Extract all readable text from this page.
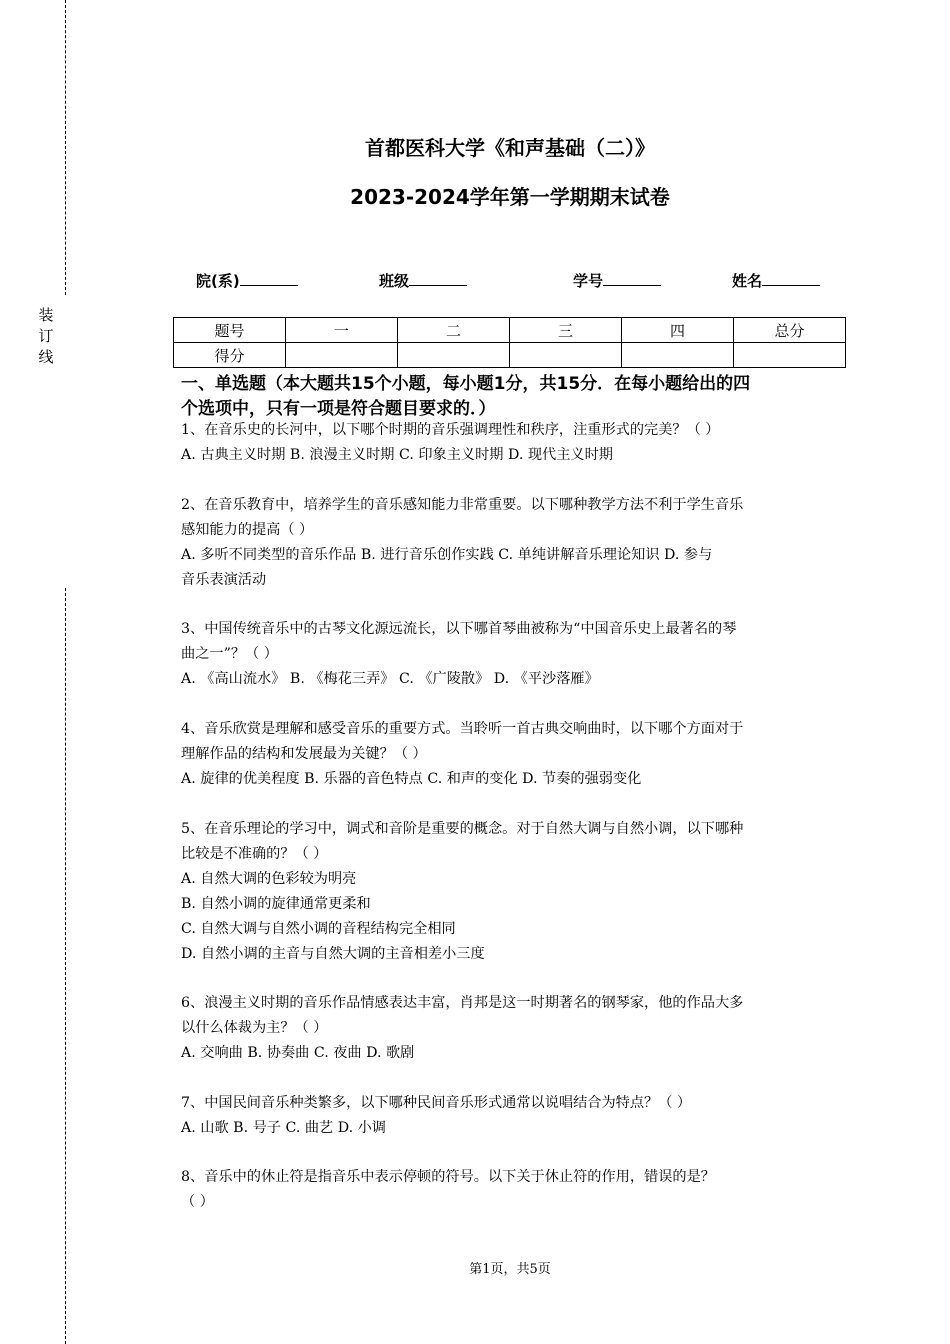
装
订
线
首都医科大学《和声基础（二）》
2023-2024学年第一学期期末试卷
院(系)	班级	学号	姓名
题号	一	二	三	四	总分
得分					
一、单选题（本大题共15个小题，每小题1分，共15分．在每小题给出的四
个选项中，只有一项是符合题目要求的．）
1、在音乐史的长河中，以下哪个时期的音乐强调理性和秩序，注重形式的完美？（ ）
A. 古典主义时期 B. 浪漫主义时期 C. 印象主义时期 D. 现代主义时期
2、在音乐教育中，培养学生的音乐感知能力非常重要。以下哪种教学方法不利于学生音乐
感知能力的提高（ ）
A. 多听不同类型的音乐作品 B. 进行音乐创作实践 C. 单纯讲解音乐理论知识 D. 参与
音乐表演活动
3、中国传统音乐中的古琴文化源远流长，以下哪首琴曲被称为“中国音乐史上最著名的琴
曲之一”？（ ）
A. 《高山流水》 B. 《梅花三弄》 C. 《广陵散》 D. 《平沙落雁》
4、音乐欣赏是理解和感受音乐的重要方式。当聆听一首古典交响曲时，以下哪个方面对于
理解作品的结构和发展最为关键？（ ）
A. 旋律的优美程度 B. 乐器的音色特点 C. 和声的变化 D. 节奏的强弱变化
5、在音乐理论的学习中，调式和音阶是重要的概念。对于自然大调与自然小调，以下哪种
比较是不准确的？（ ）
A. 自然大调的色彩较为明亮
B. 自然小调的旋律通常更柔和
C. 自然大调与自然小调的音程结构完全相同
D. 自然小调的主音与自然大调的主音相差小三度
6、浪漫主义时期的音乐作品情感表达丰富，肖邦是这一时期著名的钢琴家，他的作品大多
以什么体裁为主？（ ）
A. 交响曲 B. 协奏曲 C. 夜曲 D. 歌剧
7、中国民间音乐种类繁多，以下哪种民间音乐形式通常以说唱结合为特点？（ ）
A. 山歌 B. 号子 C. 曲艺 D. 小调
8、音乐中的休止符是指音乐中表示停顿的符号。以下关于休止符的作用，错误的是？
（ ）
第1页，共5页
